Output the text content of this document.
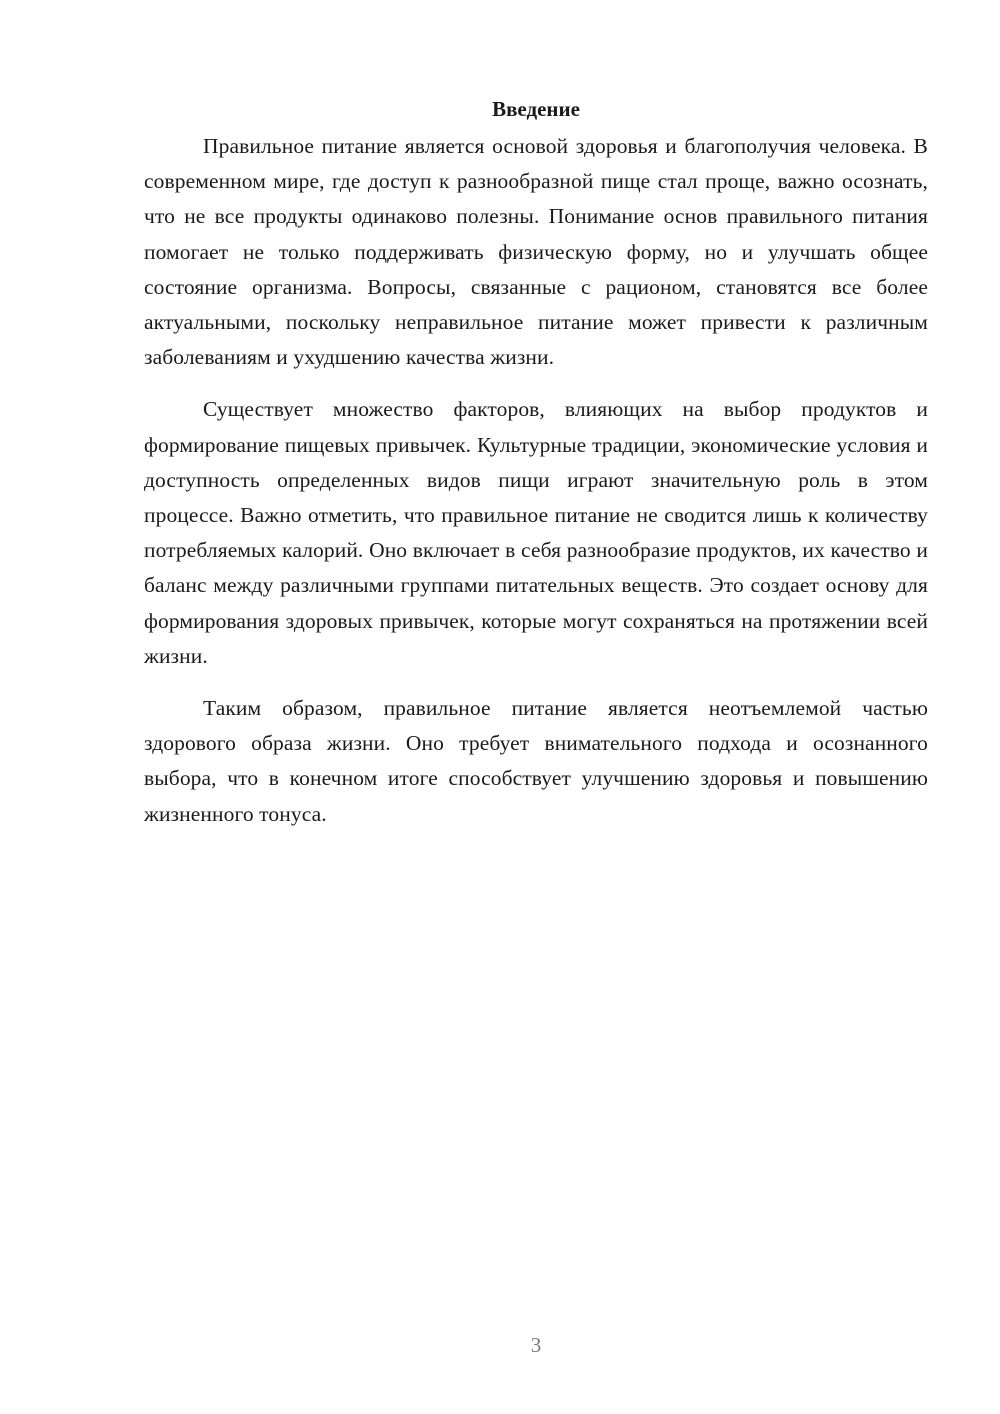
Введение

Правильное питание является основой здоровья и благополучия человека. В современном мире, где доступ к разнообразной пище стал проще, важно осознать, что не все продукты одинаково полезны. Понимание основ правильного питания помогает не только поддерживать физическую форму, но и улучшать общее состояние организма. Вопросы, связанные с рационом, становятся все более актуальными, поскольку неправильное питание может привести к различным заболеваниям и ухудшению качества жизни.

Существует множество факторов, влияющих на выбор продуктов и формирование пищевых привычек. Культурные традиции, экономические условия и доступность определенных видов пищи играют значительную роль в этом процессе. Важно отметить, что правильное питание не сводится лишь к количеству потребляемых калорий. Оно включает в себя разнообразие продуктов, их качество и баланс между различными группами питательных веществ. Это создает основу для формирования здоровых привычек, которые могут сохраняться на протяжении всей жизни.

Таким образом, правильное питание является неотъемлемой частью здорового образа жизни. Оно требует внимательного подхода и осознанного выбора, что в конечном итоге способствует улучшению здоровья и повышению жизненного тонуса.

3
